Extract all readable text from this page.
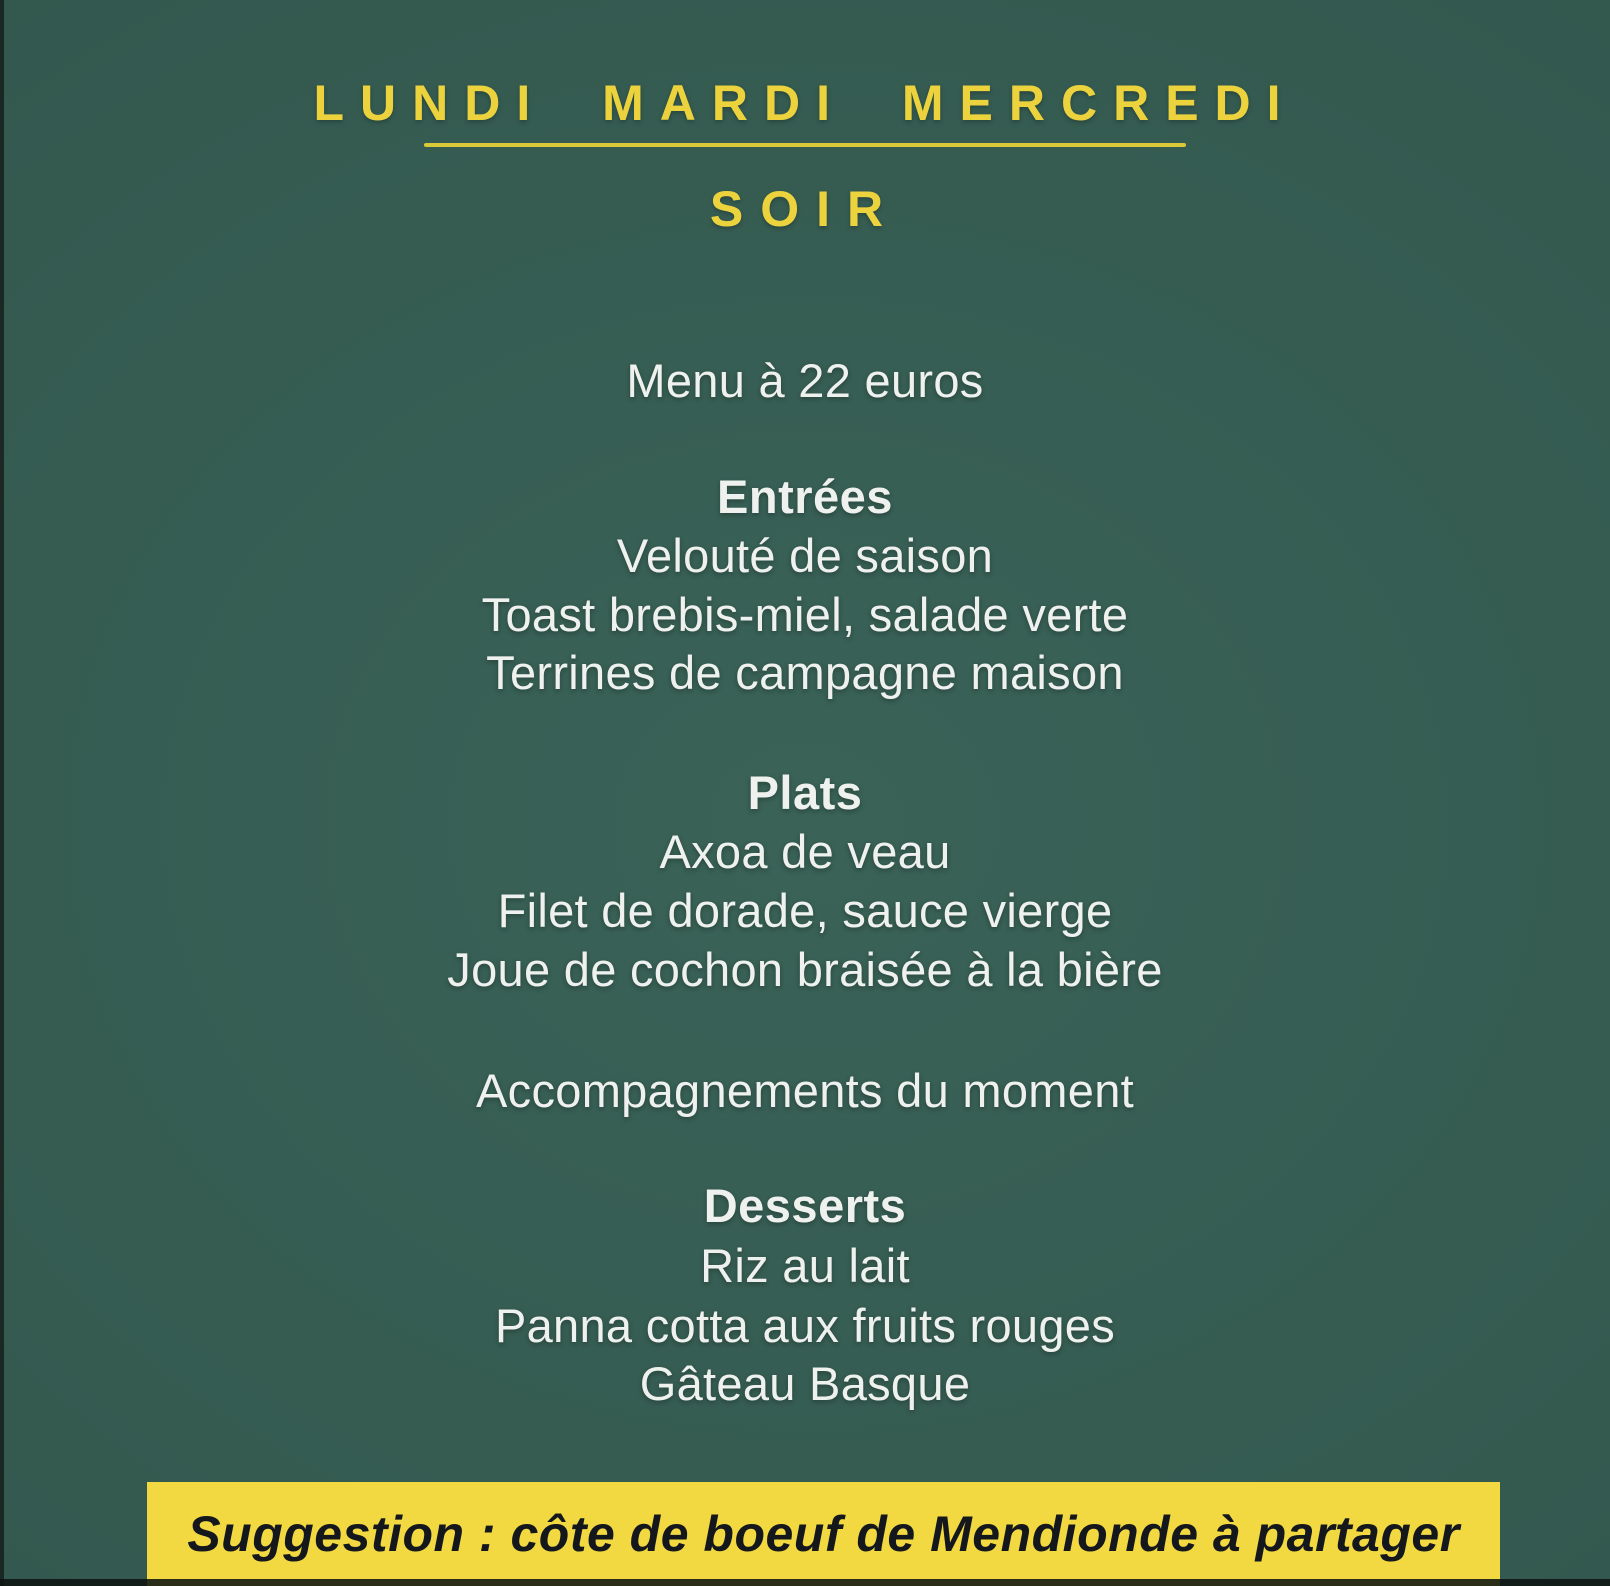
LUNDI MARDI MERCREDI
SOIR
Menu à 22 euros
Entrées
Velouté de saison
Toast brebis-miel, salade verte
Terrines de campagne maison
Plats
Axoa de veau
Filet de dorade, sauce vierge
Joue de cochon braisée à la bière
Accompagnements du moment
Desserts
Riz au lait
Panna cotta aux fruits rouges
Gâteau Basque
Suggestion : côte de boeuf de Mendionde à partager
